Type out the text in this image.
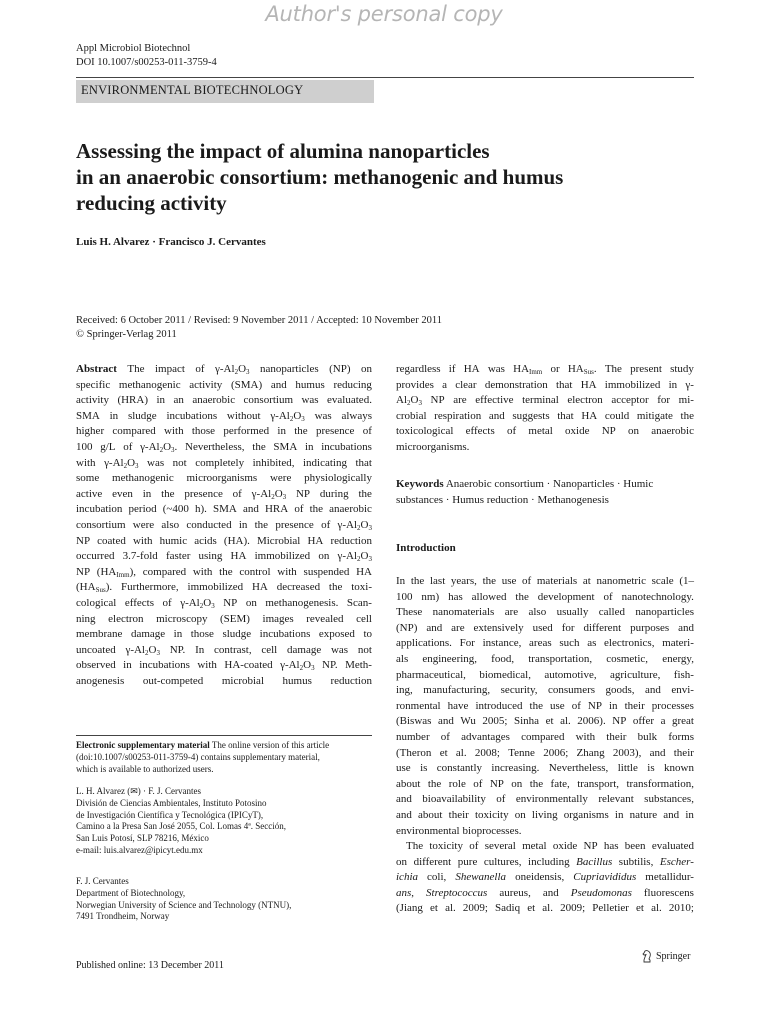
Author's personal copy
Appl Microbiol Biotechnol
DOI 10.1007/s00253-011-3759-4
ENVIRONMENTAL BIOTECHNOLOGY
Assessing the impact of alumina nanoparticles
in an anaerobic consortium: methanogenic and humus
reducing activity
Luis H. Alvarez · Francisco J. Cervantes
Received: 6 October 2011 / Revised: 9 November 2011 / Accepted: 10 November 2011
© Springer-Verlag 2011
Abstract The impact of $\gamma-Al_2O_3$ nanoparticles (NP) on
specific methanogenic activity (SMA) and humus reducing
activity (HRA) in an anaerobic consortium was evaluated.
SMA in sludge incubations without $\gamma-Al_2O_3$ was always
higher compared with those performed in the presence of
100 g/L of $\gamma-Al_2O_3$. Nevertheless, the SMA in incubations
with $\gamma-Al_2O_3$ was not completely inhibited, indicating that
some methanogenic microorganisms were physiologically
active even in the presence of $\gamma-Al_2O_3$ NP during the
incubation period (~400 h). SMA and HRA of the anaerobic
consortium were also conducted in the presence of $\gamma-Al_2O_3$
NP coated with humic acids (HA). Microbial HA reduction
occurred 3.7-fold faster using HA immobilized on $\gamma-Al_2O_3$
NP $(HA_{Imm})$, compared with the control with suspended HA
$(HA_{Sus})$. Furthermore, immobilized HA decreased the toxi-
cological effects of $\gamma-Al_2O_3$ NP on methanogenesis. Scan-
ning electron microscopy (SEM) images revealed cell
membrane damage in those sludge incubations exposed to
uncoated $\gamma-Al_2O_3$ NP. In contrast, cell damage was not
observed in incubations with HA-coated $\gamma-Al_2O_3$ NP. Meth-
anogenesis out-competed microbial humus reduction
regardless if HA was $HA_{Imm}$ or $HA_{Sus}$. The present study
provides a clear demonstration that HA immobilized in γ-
$Al_2O_3$ NP are effective terminal electron acceptor for mi-
crobial respiration and suggests that HA could mitigate the
toxicological effects of metal oxide NP on anaerobic
microorganisms.
Keywords Anaerobic consortium · Nanoparticles · Humic
substances · Humus reduction · Methanogenesis
Introduction
In the last years, the use of materials at nanometric scale (1–
100 nm) has allowed the development of nanotechnology.
These nanomaterials are also usually called nanoparticles
(NP) and are extensively used for different purposes and
applications. For instance, areas such as electronics, materi-
als engineering, food, transportation, cosmetic, energy,
pharmaceutical, biomedical, automotive, agriculture, fish-
ing, manufacturing, security, consumers goods, and envi-
ronmental have introduced the use of NP in their processes
(Biswas and Wu 2005; Sinha et al. 2006). NP offer a great
number of advantages compared with their bulk forms
(Theron et al. 2008; Tenne 2006; Zhang 2003), and their
use is constantly increasing. Nevertheless, little is known
about the role of NP on the fate, transport, transformation,
and bioavailability of environmentally relevant substances,
and about their toxicity on living organisms in nature and in
environmental bioprocesses.
The toxicity of several metal oxide NP has been evaluated
on different pure cultures, including Bacillus subtilis, Escher-
ichia coli, Shewanella oneidensis, Cupriavididus metallidur-
ans, Streptococcus aureus, and Pseudomonas fluorescens
(Jiang et al. 2009; Sadiq et al. 2009; Pelletier et al. 2010;
Electronic supplementary material The online version of this article
(doi:10.1007/s00253-011-3759-4) contains supplementary material,
which is available to authorized users.
L. H. Alvarez (✉) · F. J. Cervantes
División de Ciencias Ambientales, Instituto Potosino
de Investigación Científica y Tecnológica (IPICyT),
Camino a la Presa San José 2055, Col. Lomas 4ª. Sección,
San Luis Potosí, SLP 78216, México
e-mail: luis.alvarez@ipicyt.edu.mx
F. J. Cervantes
Department of Biotechnology,
Norwegian University of Science and Technology (NTNU),
7491 Trondheim, Norway
Published online: 13 December 2011
Springer
